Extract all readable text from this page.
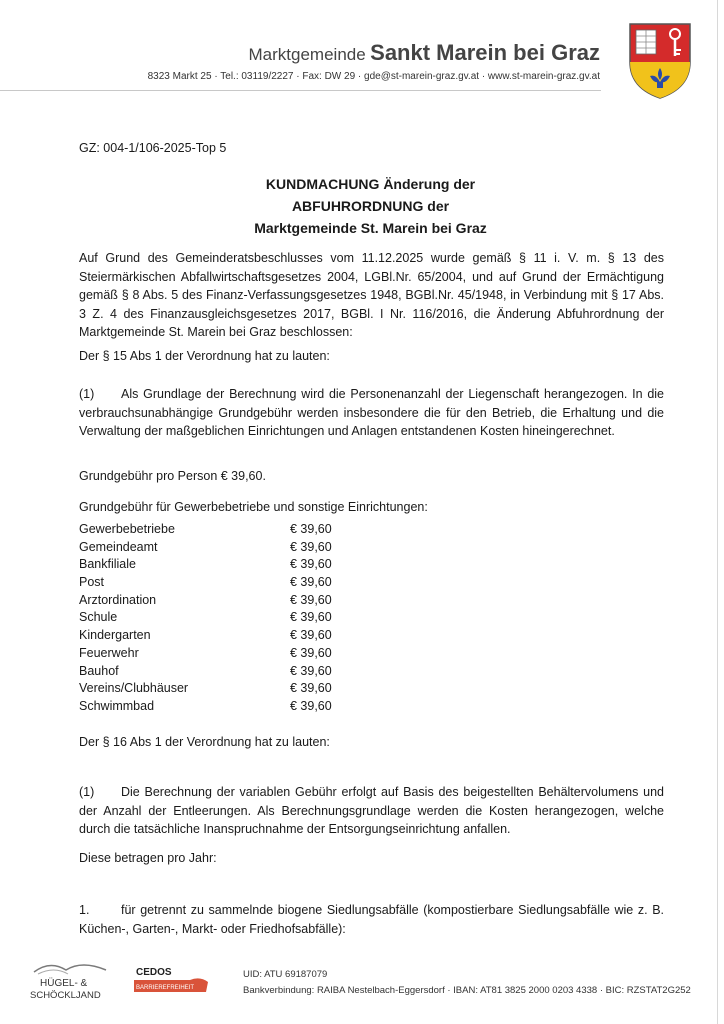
Marktgemeinde Sankt Marein bei Graz
8323 Markt 25 · Tel.: 03119/2227 · Fax: DW 29 · gde@st-marein-graz.gv.at · www.st-marein-graz.gv.at
GZ: 004-1/106-2025-Top 5
KUNDMACHUNG Änderung der
ABFUHRORDNUNG der
Marktgemeinde St. Marein bei Graz
Auf Grund des Gemeinderatsbeschlusses vom 11.12.2025 wurde gemäß § 11 i. V. m. § 13 des Steiermärkischen Abfallwirtschaftsgesetzes 2004, LGBl.Nr. 65/2004, und auf Grund der Ermächtigung gemäß § 8 Abs. 5 des Finanz-Verfassungsgesetzes 1948, BGBl.Nr. 45/1948, in Verbindung mit § 17 Abs. 3 Z. 4 des Finanzausgleichsgesetzes 2017, BGBl. I Nr. 116/2016, die Änderung Abfuhrordnung der Marktgemeinde St. Marein bei Graz beschlossen:
Der § 15 Abs 1 der Verordnung hat zu lauten:
(1) Als Grundlage der Berechnung wird die Personenanzahl der Liegenschaft herangezogen. In die verbrauchsunabhängige Grundgebühr werden insbesondere die für den Betrieb, die Erhaltung und die Verwaltung der maßgeblichen Einrichtungen und Anlagen entstandenen Kosten hineingerechnet.
Grundgebühr pro Person € 39,60.
Grundgebühr für Gewerbebetriebe und sonstige Einrichtungen:
Gewerbebetriebe	€ 39,60
Gemeindeamt	€ 39,60
Bankfiliale	€ 39,60
Post	€ 39,60
Arztordination	€ 39,60
Schule	€ 39,60
Kindergarten	€ 39,60
Feuerwehr	€ 39,60
Bauhof	€ 39,60
Vereins/Clubhäuser	€ 39,60
Schwimmbad	€ 39,60
Der § 16 Abs 1 der Verordnung hat zu lauten:
(1) Die Berechnung der variablen Gebühr erfolgt auf Basis des beigestellten Behältervolumens und der Anzahl der Entleerungen. Als Berechnungsgrundlage werden die Kosten herangezogen, welche durch die tatsächliche Inanspruchnahme der Entsorgungseinrichtung anfallen.
Diese betragen pro Jahr:
1.	für getrennt zu sammelnde biogene Siedlungsabfälle (kompostierbare Siedlungsabfälle wie z. B. Küchen-, Garten-, Markt- oder Friedhofsabfälle):
HÜGEL- &
SCHÖCKLJAND
CEDOS
BARRIEREFREIHEIT
UID: ATU 69187079
Bankverbindung: RAIBA Nestelbach-Eggersdorf · IBAN: AT81 3825 2000 0203 4338 · BIC: RZSTAT2G252
